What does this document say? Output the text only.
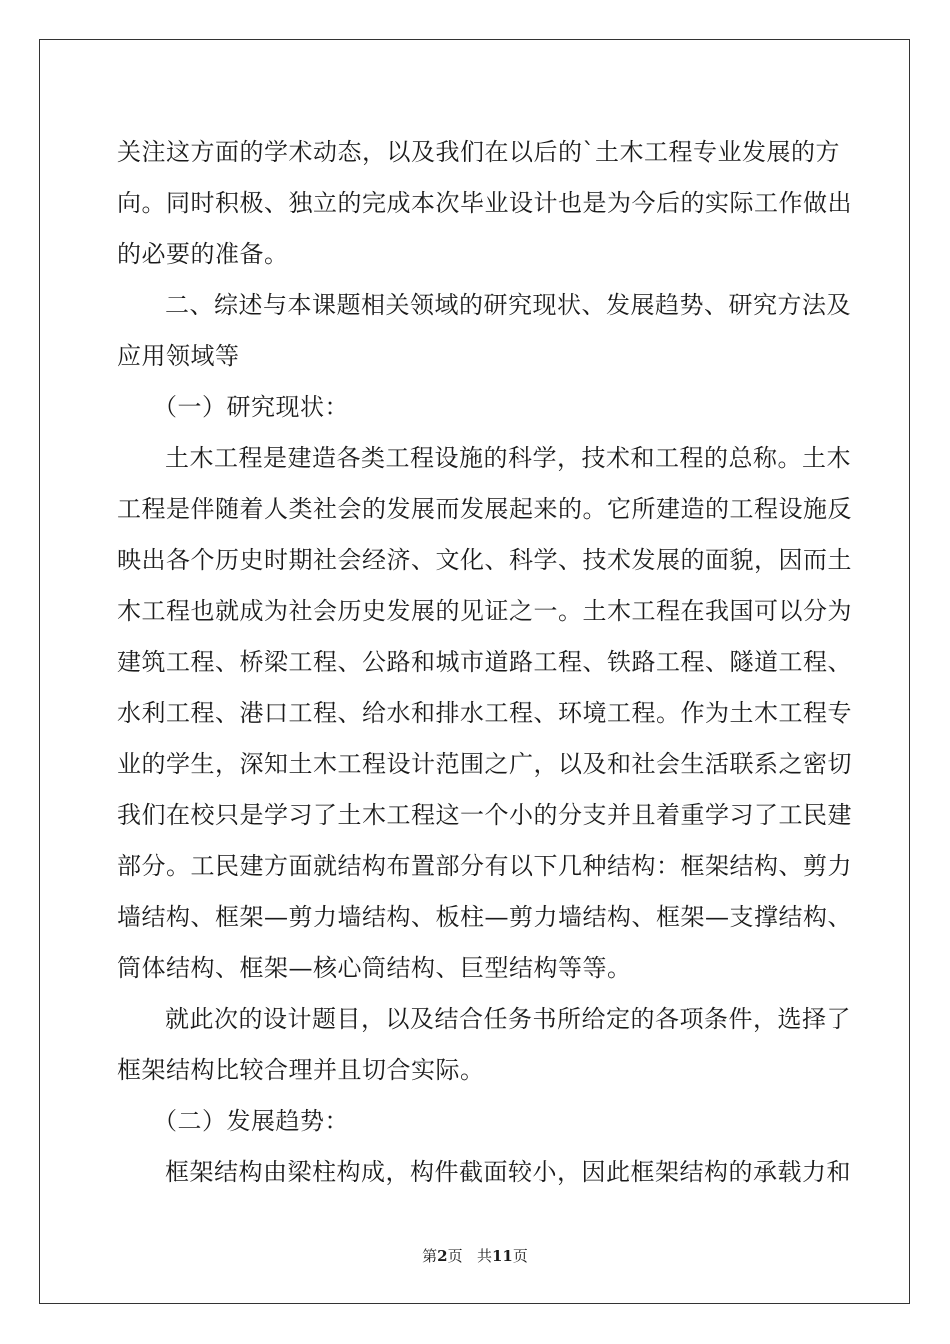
关注这方面的学术动态，以及我们在以后的`土木工程专业发展的方
向。同时积极、独立的完成本次毕业设计也是为今后的实际工作做出
的必要的准备。
二、综述与本课题相关领域的研究现状、发展趋势、研究方法及
应用领域等
（一）研究现状：
土木工程是建造各类工程设施的科学，技术和工程的总称。土木
工程是伴随着人类社会的发展而发展起来的。它所建造的工程设施反
映出各个历史时期社会经济、文化、科学、技术发展的面貌，因而土
木工程也就成为社会历史发展的见证之一。土木工程在我国可以分为
建筑工程、桥梁工程、公路和城市道路工程、铁路工程、隧道工程、
水利工程、港口工程、给水和排水工程、环境工程。作为土木工程专
业的学生，深知土木工程设计范围之广，以及和社会生活联系之密切
我们在校只是学习了土木工程这一个小的分支并且着重学习了工民建
部分。工民建方面就结构布置部分有以下几种结构：框架结构、剪力
墙结构、框架—剪力墙结构、板柱—剪力墙结构、框架—支撑结构、
筒体结构、框架—核心筒结构、巨型结构等等。
就此次的设计题目，以及结合任务书所给定的各项条件，选择了
框架结构比较合理并且切合实际。
（二）发展趋势：
框架结构由梁柱构成，构件截面较小，因此框架结构的承载力和
第2页 共11页
